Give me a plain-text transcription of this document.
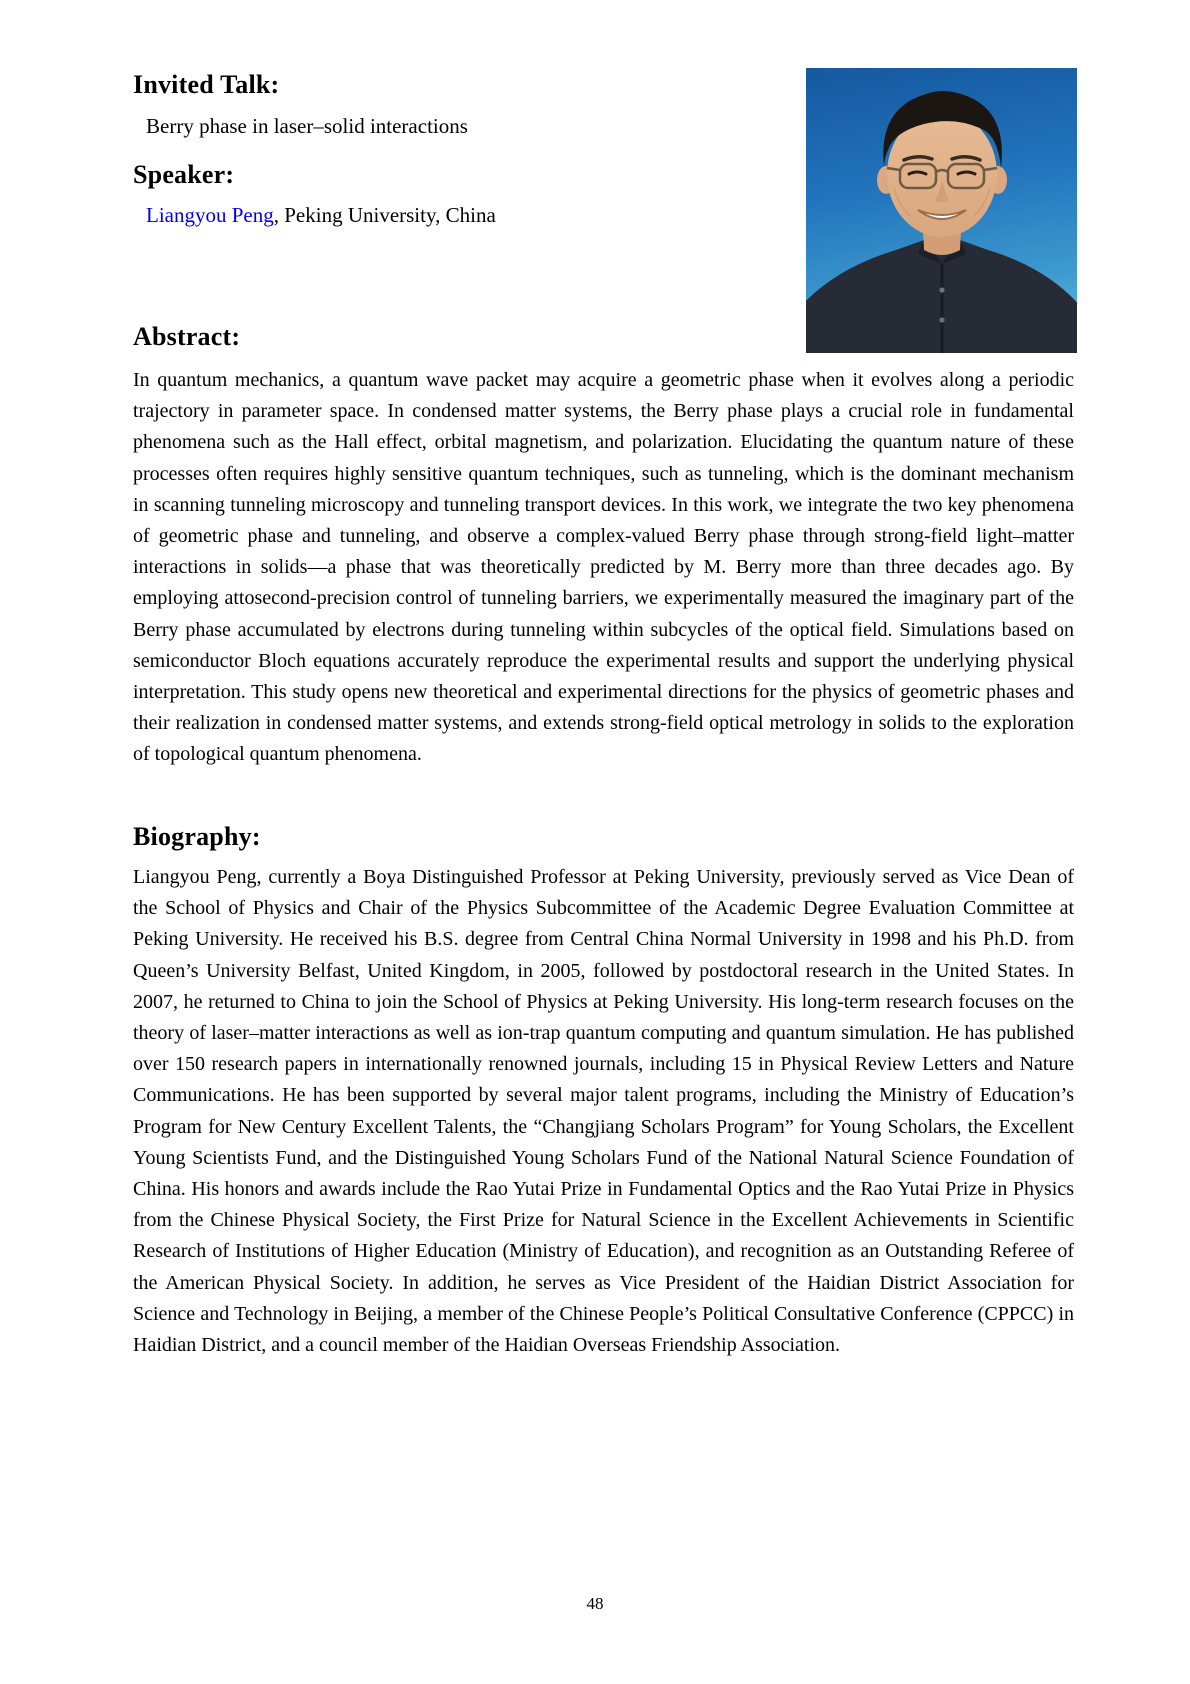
Invited Talk:
Berry phase in laser–solid interactions
Speaker:
Liangyou Peng, Peking University, China
Abstract:
In quantum mechanics, a quantum wave packet may acquire a geometric phase when it evolves along a periodic trajectory in parameter space. In condensed matter systems, the Berry phase plays a crucial role in fundamental phenomena such as the Hall effect, orbital magnetism, and polarization. Elucidating the quantum nature of these processes often requires highly sensitive quantum techniques, such as tunneling, which is the dominant mechanism in scanning tunneling microscopy and tunneling transport devices. In this work, we integrate the two key phenomena of geometric phase and tunneling, and observe a complex-valued Berry phase through strong-field light–matter interactions in solids—a phase that was theoretically predicted by M. Berry more than three decades ago. By employing attosecond-precision control of tunneling barriers, we experimentally measured the imaginary part of the Berry phase accumulated by electrons during tunneling within subcycles of the optical field. Simulations based on semiconductor Bloch equations accurately reproduce the experimental results and support the underlying physical interpretation. This study opens new theoretical and experimental directions for the physics of geometric phases and their realization in condensed matter systems, and extends strong-field optical metrology in solids to the exploration of topological quantum phenomena.
Biography:
Liangyou Peng, currently a Boya Distinguished Professor at Peking University, previously served as Vice Dean of the School of Physics and Chair of the Physics Subcommittee of the Academic Degree Evaluation Committee at Peking University. He received his B.S. degree from Central China Normal University in 1998 and his Ph.D. from Queen’s University Belfast, United Kingdom, in 2005, followed by postdoctoral research in the United States. In 2007, he returned to China to join the School of Physics at Peking University. His long-term research focuses on the theory of laser–matter interactions as well as ion-trap quantum computing and quantum simulation. He has published over 150 research papers in internationally renowned journals, including 15 in Physical Review Letters and Nature Communications. He has been supported by several major talent programs, including the Ministry of Education’s Program for New Century Excellent Talents, the “Changjiang Scholars Program” for Young Scholars, the Excellent Young Scientists Fund, and the Distinguished Young Scholars Fund of the National Natural Science Foundation of China. His honors and awards include the Rao Yutai Prize in Fundamental Optics and the Rao Yutai Prize in Physics from the Chinese Physical Society, the First Prize for Natural Science in the Excellent Achievements in Scientific Research of Institutions of Higher Education (Ministry of Education), and recognition as an Outstanding Referee of the American Physical Society. In addition, he serves as Vice President of the Haidian District Association for Science and Technology in Beijing, a member of the Chinese People’s Political Consultative Conference (CPPCC) in Haidian District, and a council member of the Haidian Overseas Friendship Association.
48
